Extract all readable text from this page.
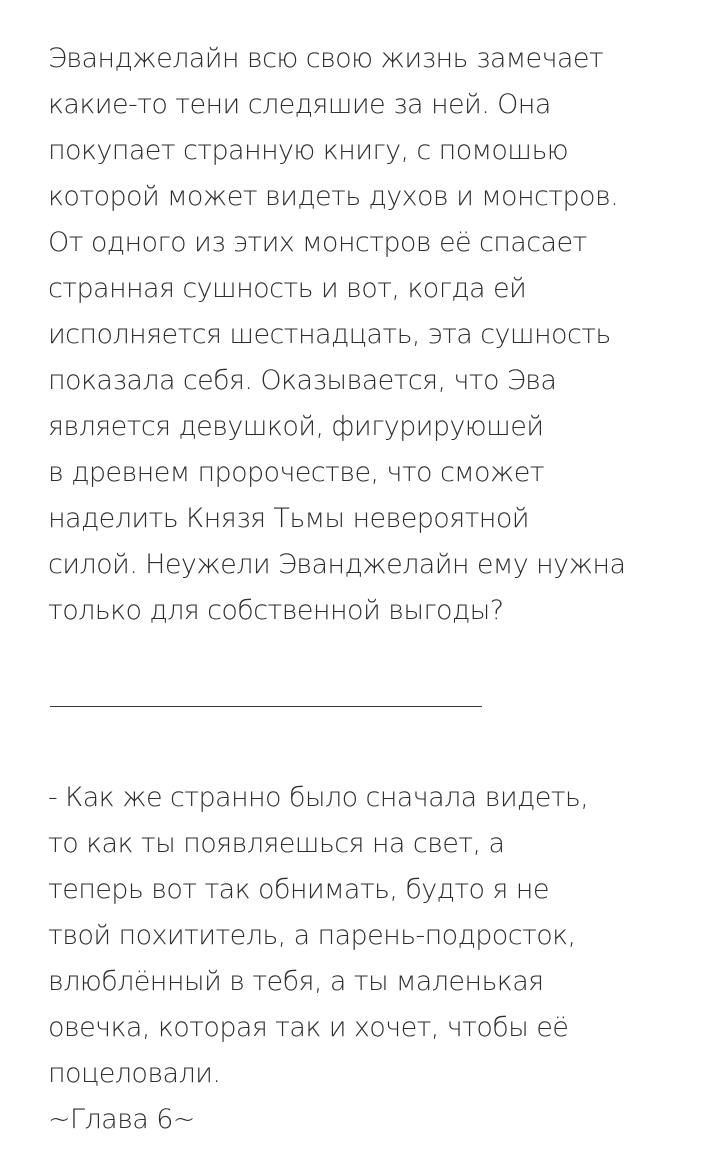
Эванджелайн всю свою жизнь замечает
какие-то тени следяшие за ней. Она
покупает странную книгу, с помошью
которой может видеть духов и монстров.
От одного из этих монстров её спасает
странная сушность и вот, когда ей
исполняется шестнадцать, эта сушность
показала себя. Оказывается, что Эва
является девушкой, фигурируюшей
в древнем пророчестве, что сможет
наделить Князя Тьмы невероятной
силой. Неужели Эванджелайн ему нужна
только для собственной выгоды?
- Как же странно было сначала видеть,
то как ты появляешься на свет, а
теперь вот так обнимать, будто я не
твой похититель, а парень-подросток,
влюблённый в тебя, а ты маленькая
овечка, которая так и хочет, чтобы её
поцеловали.
~Глава 6~
